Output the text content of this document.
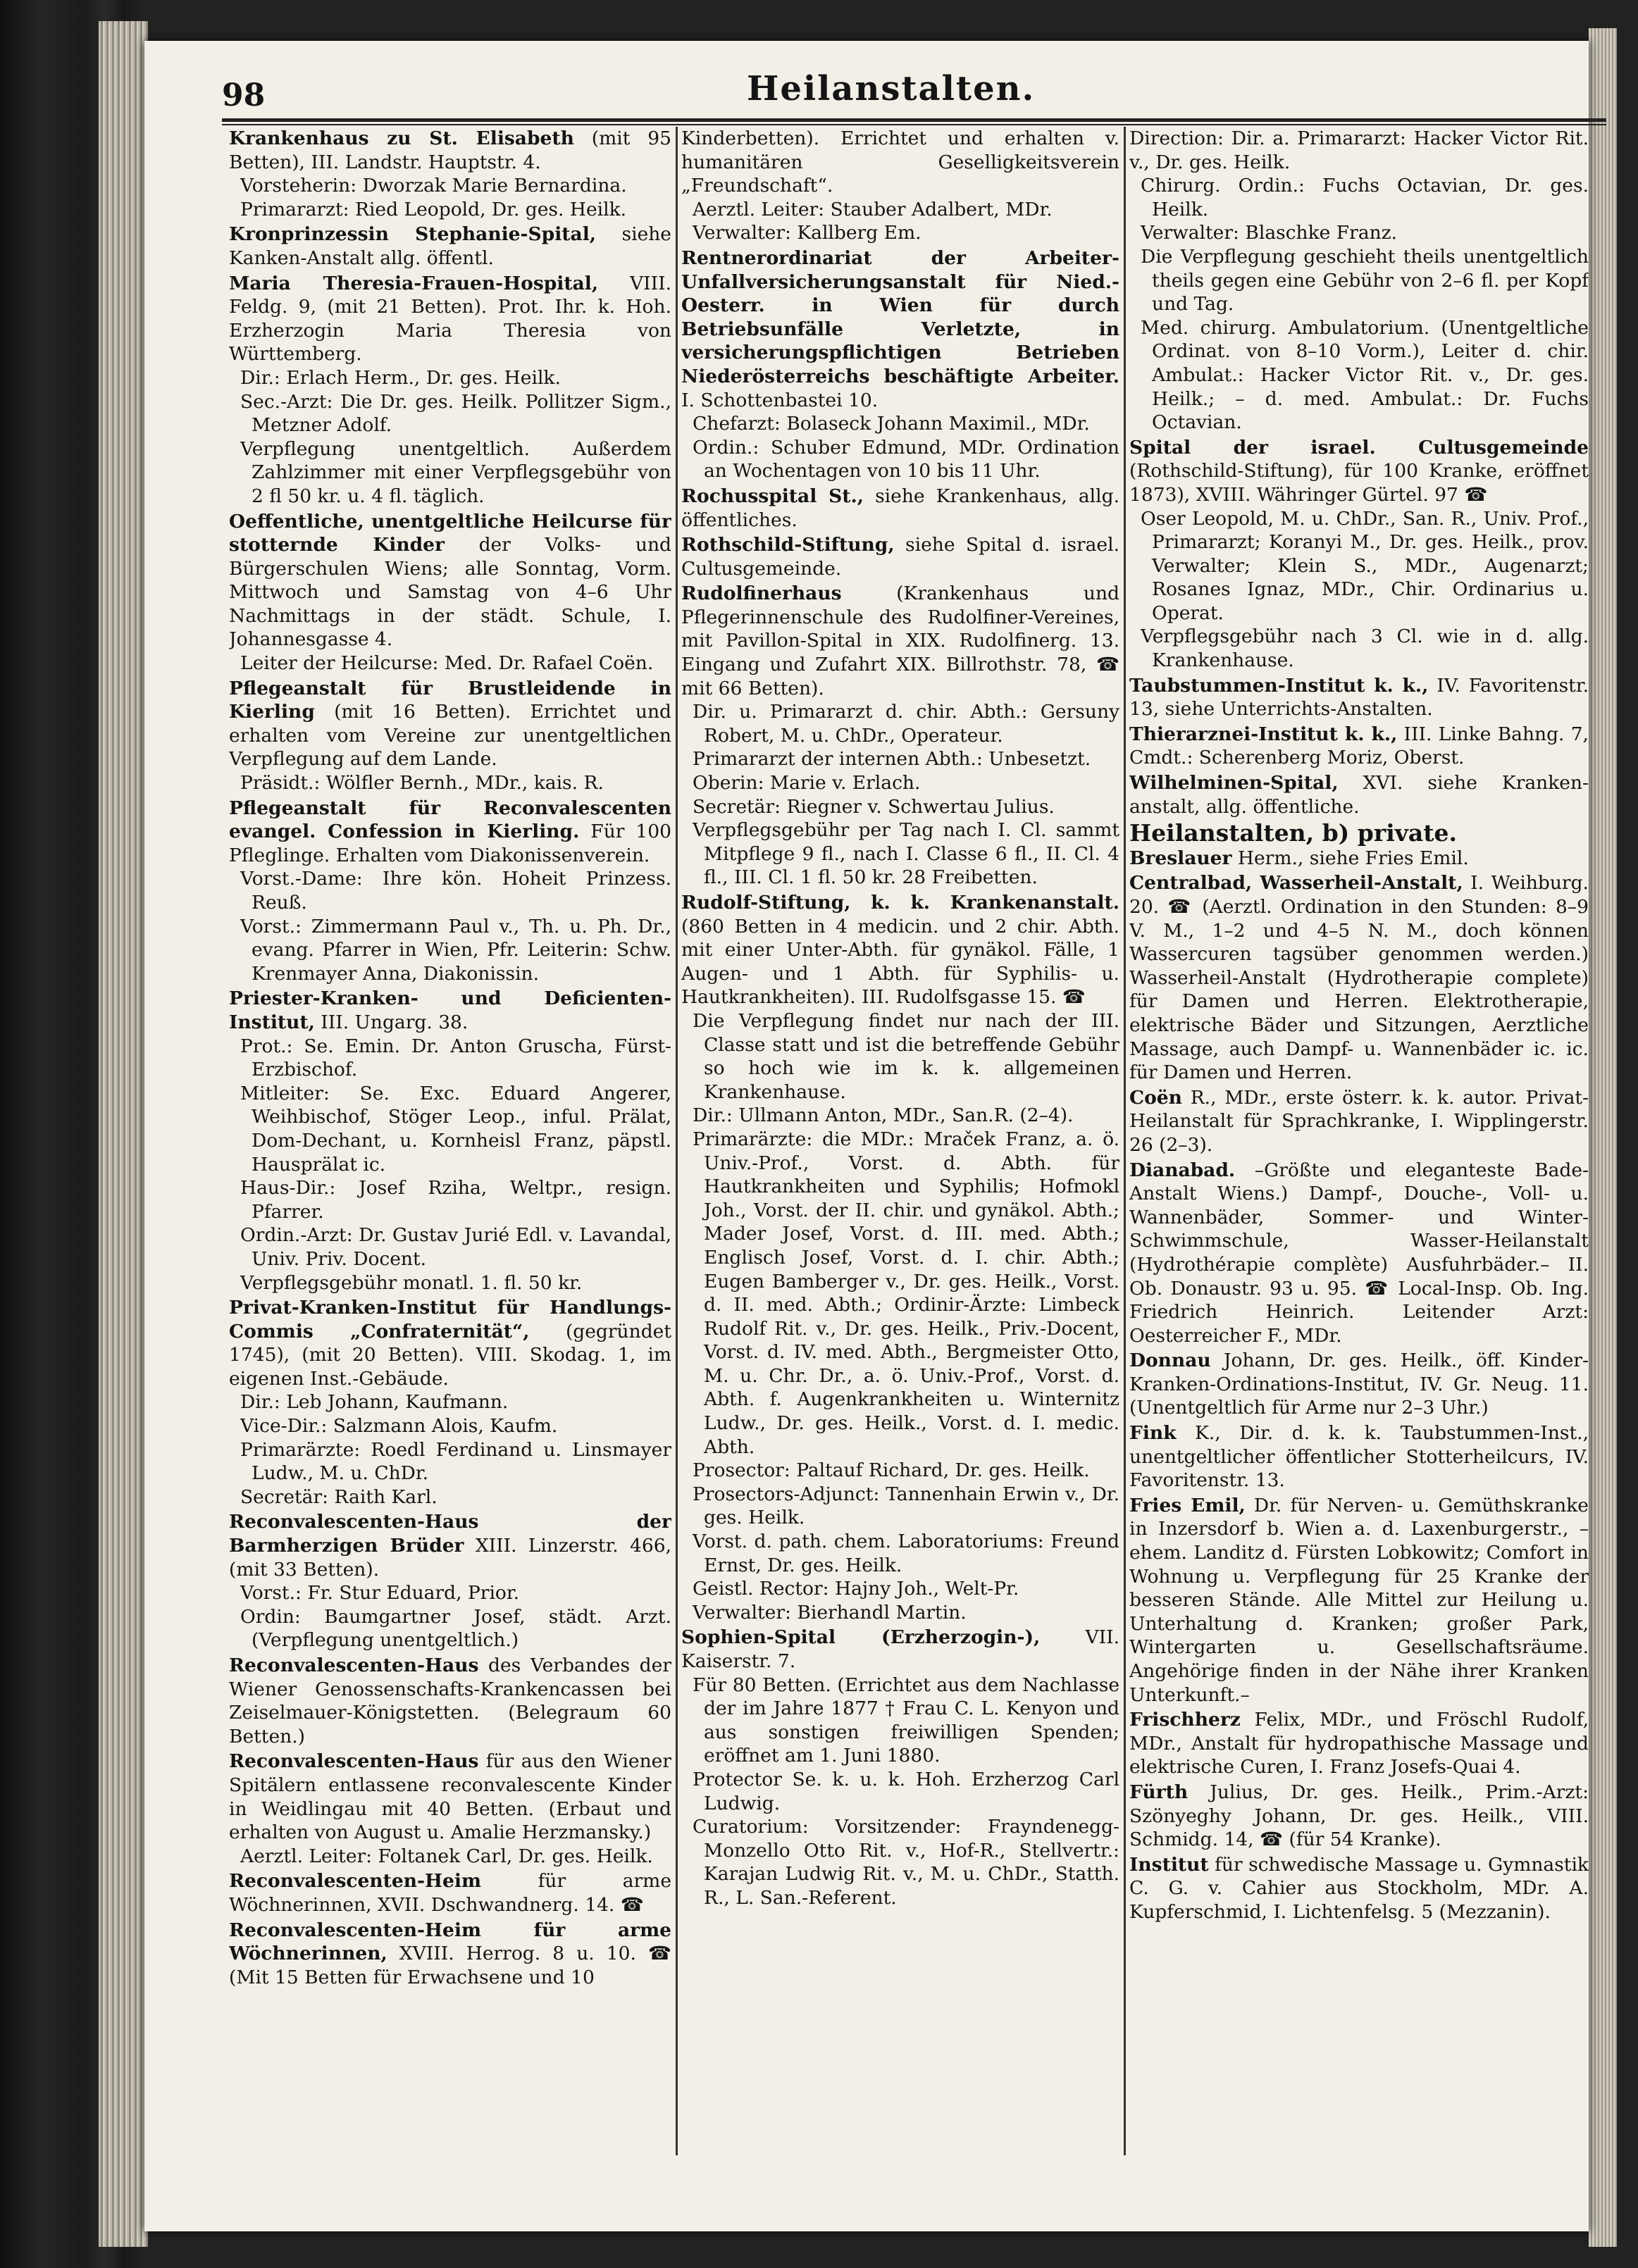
98	Heilanstalten.
Krankenhaus zu St. Elisabeth (mit 95 Betten), III. Landstr. Hauptstr. 4.
Vorsteherin: Dworzak Marie Bernardina.
Primararzt: Ried Leopold, Dr. ges. Heilk.
Kronprinzessin Stephanie-Spital, siehe Kanken-Anstalt allg. öffentl.
Maria Theresia-Frauen-Hospital, VIII. Feldg. 9, (mit 21 Betten). Prot. Ihr. k. Hoh. Erzherzogin Maria Theresia von Württemberg.
Dir.: Erlach Herm., Dr. ges. Heilk.
Sec.-Arzt: Die Dr. ges. Heilk. Pollitzer Sigm., Metzner Adolf.
Verpflegung unentgeltlich. Außerdem Zahlzimmer mit einer Verpflegsgebühr von 2 fl 50 kr. u. 4 fl. täglich.
Oeffentliche, unentgeltliche Heilcurse für stotternde Kinder der Volks- und Bürgerschulen Wiens; alle Sonntag, Vorm. Mittwoch und Samstag von 4–6 Uhr Nachmittags in der städt. Schule, I. Johannesgasse 4.
Leiter der Heilcurse: Med. Dr. Rafael Coën.
Pflegeanstalt für Brustleidende in Kierling (mit 16 Betten). Errichtet und erhalten vom Vereine zur unentgeltlichen Verpflegung auf dem Lande.
Präsidt.: Wölfler Bernh., MDr., kais. R.
Pflegeanstalt für Reconvalescenten evangel. Confession in Kierling. Für 100 Pfleglinge. Erhalten vom Diakonissenverein.
Vorst.-Dame: Ihre kön. Hoheit Prinzess. Reuß.
Vorst.: Zimmermann Paul v., Th. u. Ph. Dr., evang. Pfarrer in Wien, Pfr. Leiterin: Schw. Krenmayer Anna, Diakonissin.
Priester-Kranken- und Deficienten-Institut, III. Ungarg. 38.
Prot.: Se. Emin. Dr. Anton Gruscha, Fürst-Erzbischof.
Mitleiter: Se. Exc. Eduard Angerer, Weihbischof, Stöger Leop., inful. Prälat, Dom-Dechant, u. Kornheisl Franz, päpstl. Hausprälat ic.
Haus-Dir.: Josef Rziha, Weltpr., resign. Pfarrer.
Ordin.-Arzt: Dr. Gustav Jurié Edl. v. Lavandal, Univ. Priv. Docent.
Verpflegsgebühr monatl. 1. fl. 50 kr.
Privat-Kranken-Institut für Handlungs-Commis „Confraternität“, (gegründet 1745), (mit 20 Betten). VIII. Skodag. 1, im eigenen Inst.-Gebäude.
Dir.: Leb Johann, Kaufmann.
Vice-Dir.: Salzmann Alois, Kaufm.
Primarärzte: Roedl Ferdinand u. Linsmayer Ludw., M. u. ChDr.
Secretär: Raith Karl.
Reconvalescenten-Haus der Barmherzigen Brüder XIII. Linzerstr. 466, (mit 33 Betten).
Vorst.: Fr. Stur Eduard, Prior.
Ordin: Baumgartner Josef, städt. Arzt. (Verpflegung unentgeltlich.)
Reconvalescenten-Haus des Verbandes der Wiener Genossenschafts-Krankencassen bei Zeiselmauer-Königstetten. (Belegraum 60 Betten.)
Reconvalescenten-Haus für aus den Wiener Spitälern entlassene reconvalescente Kinder in Weidlingau mit 40 Betten. (Erbaut und erhalten von August u. Amalie Herzmansky.)
Aerztl. Leiter: Foltanek Carl, Dr. ges. Heilk.
Reconvalescenten-Heim für arme Wöchnerinnen, XVII. Dschwandnerg. 14. ☎
Reconvalescenten-Heim für arme Wöchnerinnen, XVIII. Herrog. 8 u. 10. ☎ (Mit 15 Betten für Erwachsene und 10
Kinderbetten). Errichtet und erhalten v. humanitären Geselligkeitsverein „Freundschaft“.
Aerztl. Leiter: Stauber Adalbert, MDr.
Verwalter: Kallberg Em.
Rentnerordinariat der Arbeiter-Unfallversicherungsanstalt für Nied.-Oesterr. in Wien für durch Betriebsunfälle Verletzte, in versicherungspflichtigen Betrieben Niederösterreichs beschäftigte Arbeiter. I. Schottenbastei 10.
Chefarzt: Bolaseck Johann Maximil., MDr.
Ordin.: Schuber Edmund, MDr. Ordination an Wochentagen von 10 bis 11 Uhr.
Rochusspital St., siehe Krankenhaus, allg. öffentliches.
Rothschild-Stiftung, siehe Spital d. israel. Cultusgemeinde.
Rudolfinerhaus (Krankenhaus und Pflegerinnenschule des Rudolfiner-Vereines, mit Pavillon-Spital in XIX. Rudolfinerg. 13. Eingang und Zufahrt XIX. Billrothstr. 78, ☎ mit 66 Betten).
Dir. u. Primararzt d. chir. Abth.: Gersuny Robert, M. u. ChDr., Operateur.
Primararzt der internen Abth.: Unbesetzt.
Oberin: Marie v. Erlach.
Secretär: Riegner v. Schwertau Julius.
Verpflegsgebühr per Tag nach I. Cl. sammt Mitpflege 9 fl., nach I. Classe 6 fl., II. Cl. 4 fl., III. Cl. 1 fl. 50 kr. 28 Freibetten.
Rudolf-Stiftung, k. k. Krankenanstalt. (860 Betten in 4 medicin. und 2 chir. Abth. mit einer Unter-Abth. für gynäkol. Fälle, 1 Augen- und 1 Abth. für Syphilis- u. Hautkrankheiten). III. Rudolfsgasse 15. ☎
Die Verpflegung findet nur nach der III. Classe statt und ist die betreffende Gebühr so hoch wie im k. k. allgemeinen Krankenhause.
Dir.: Ullmann Anton, MDr., San.R. (2–4).
Primarärzte: die MDr.: Mraček Franz, a. ö. Univ.-Prof., Vorst. d. Abth. für Hautkrankheiten und Syphilis; Hofmokl Joh., Vorst. der II. chir. und gynäkol. Abth.; Mader Josef, Vorst. d. III. med. Abth.; Englisch Josef, Vorst. d. I. chir. Abth.; Eugen Bamberger v., Dr. ges. Heilk., Vorst. d. II. med. Abth.; Ordinir-Ärzte: Limbeck Rudolf Rit. v., Dr. ges. Heilk., Priv.-Docent, Vorst. d. IV. med. Abth., Bergmeister Otto, M. u. Chr. Dr., a. ö. Univ.-Prof., Vorst. d. Abth. f. Augenkrankheiten u. Winternitz Ludw., Dr. ges. Heilk., Vorst. d. I. medic. Abth.
Prosector: Paltauf Richard, Dr. ges. Heilk.
Prosectors-Adjunct: Tannenhain Erwin v., Dr. ges. Heilk.
Vorst. d. path. chem. Laboratoriums: Freund Ernst, Dr. ges. Heilk.
Geistl. Rector: Hajny Joh., Welt-Pr.
Verwalter: Bierhandl Martin.
Sophien-Spital (Erzherzogin-), VII. Kaiserstr. 7.
Für 80 Betten. (Errichtet aus dem Nachlasse der im Jahre 1877 † Frau C. L. Kenyon und aus sonstigen freiwilligen Spenden; eröffnet am 1. Juni 1880.
Protector Se. k. u. k. Hoh. Erzherzog Carl Ludwig.
Curatorium: Vorsitzender: Frayndenegg-Monzello Otto Rit. v., Hof-R., Stellvertr.: Karajan Ludwig Rit. v., M. u. ChDr., Statth. R., L. San.-Referent.
Direction: Dir. a. Primararzt: Hacker Victor Rit. v., Dr. ges. Heilk.
Chirurg. Ordin.: Fuchs Octavian, Dr. ges. Heilk.
Verwalter: Blaschke Franz.
Die Verpflegung geschieht theils unentgeltlich theils gegen eine Gebühr von 2–6 fl. per Kopf und Tag.
Med. chirurg. Ambulatorium. (Unentgeltliche Ordinat. von 8–10 Vorm.), Leiter d. chir. Ambulat.: Hacker Victor Rit. v., Dr. ges. Heilk.; – d. med. Ambulat.: Dr. Fuchs Octavian.
Spital der israel. Cultusgemeinde (Rothschild-Stiftung), für 100 Kranke, eröffnet 1873), XVIII. Währinger Gürtel. 97 ☎
Oser Leopold, M. u. ChDr., San. R., Univ. Prof., Primararzt; Koranyi M., Dr. ges. Heilk., prov. Verwalter; Klein S., MDr., Augenarzt; Rosanes Ignaz, MDr., Chir. Ordinarius u. Operat.
Verpflegsgebühr nach 3 Cl. wie in d. allg. Krankenhause.
Taubstummen-Institut k. k., IV. Favoritenstr. 13, siehe Unterrichts-Anstalten.
Thierarznei-Institut k. k., III. Linke Bahng. 7, Cmdt.: Scherenberg Moriz, Oberst.
Wilhelminen-Spital, XVI. siehe Kranken-anstalt, allg. öffentliche.
Heilanstalten, b) private.
Breslauer Herm., siehe Fries Emil.
Centralbad, Wasserheil-Anstalt, I. Weihburg. 20. ☎ (Aerztl. Ordination in den Stunden: 8–9 V. M., 1–2 und 4–5 N. M., doch können Wassercuren tagsüber genommen werden.) Wasserheil-Anstalt (Hydrotherapie complete) für Damen und Herren. Elektrotherapie, elektrische Bäder und Sitzungen, Aerztliche Massage, auch Dampf- u. Wannenbäder ic. ic. für Damen und Herren.
Coën R., MDr., erste österr. k. k. autor. Privat-Heilanstalt für Sprachkranke, I. Wipplingerstr. 26 (2–3).
Dianabad. –Größte und eleganteste Bade-Anstalt Wiens.) Dampf-, Douche-, Voll- u. Wannenbäder, Sommer- und Winter-Schwimmschule, Wasser-Heilanstalt (Hydrothérapie complète) Ausfuhrbäder.– II. Ob. Donaustr. 93 u. 95. ☎ Local-Insp. Ob. Ing. Friedrich Heinrich. Leitender Arzt: Oesterreicher F., MDr.
Donnau Johann, Dr. ges. Heilk., öff. Kinder-Kranken-Ordinations-Institut, IV. Gr. Neug. 11. (Unentgeltlich für Arme nur 2–3 Uhr.)
Fink K., Dir. d. k. k. Taubstummen-Inst., unentgeltlicher öffentlicher Stotterheilcurs, IV. Favoritenstr. 13.
Fries Emil, Dr. für Nerven- u. Gemüthskranke in Inzersdorf b. Wien a. d. Laxenburgerstr., –ehem. Landitz d. Fürsten Lobkowitz; Comfort in Wohnung u. Verpflegung für 25 Kranke der besseren Stände. Alle Mittel zur Heilung u. Unterhaltung d. Kranken; großer Park, Wintergarten u. Gesellschaftsräume. Angehörige finden in der Nähe ihrer Kranken Unterkunft.–
Frischherz Felix, MDr., und Fröschl Rudolf, MDr., Anstalt für hydropathische Massage und elektrische Curen, I. Franz Josefs-Quai 4.
Fürth Julius, Dr. ges. Heilk., Prim.-Arzt: Szönyeghy Johann, Dr. ges. Heilk., VIII. Schmidg. 14, ☎ (für 54 Kranke).
Institut für schwedische Massage u. Gymnastik C. G. v. Cahier aus Stockholm, MDr. A. Kupferschmid, I. Lichtenfelsg. 5 (Mezzanin).
